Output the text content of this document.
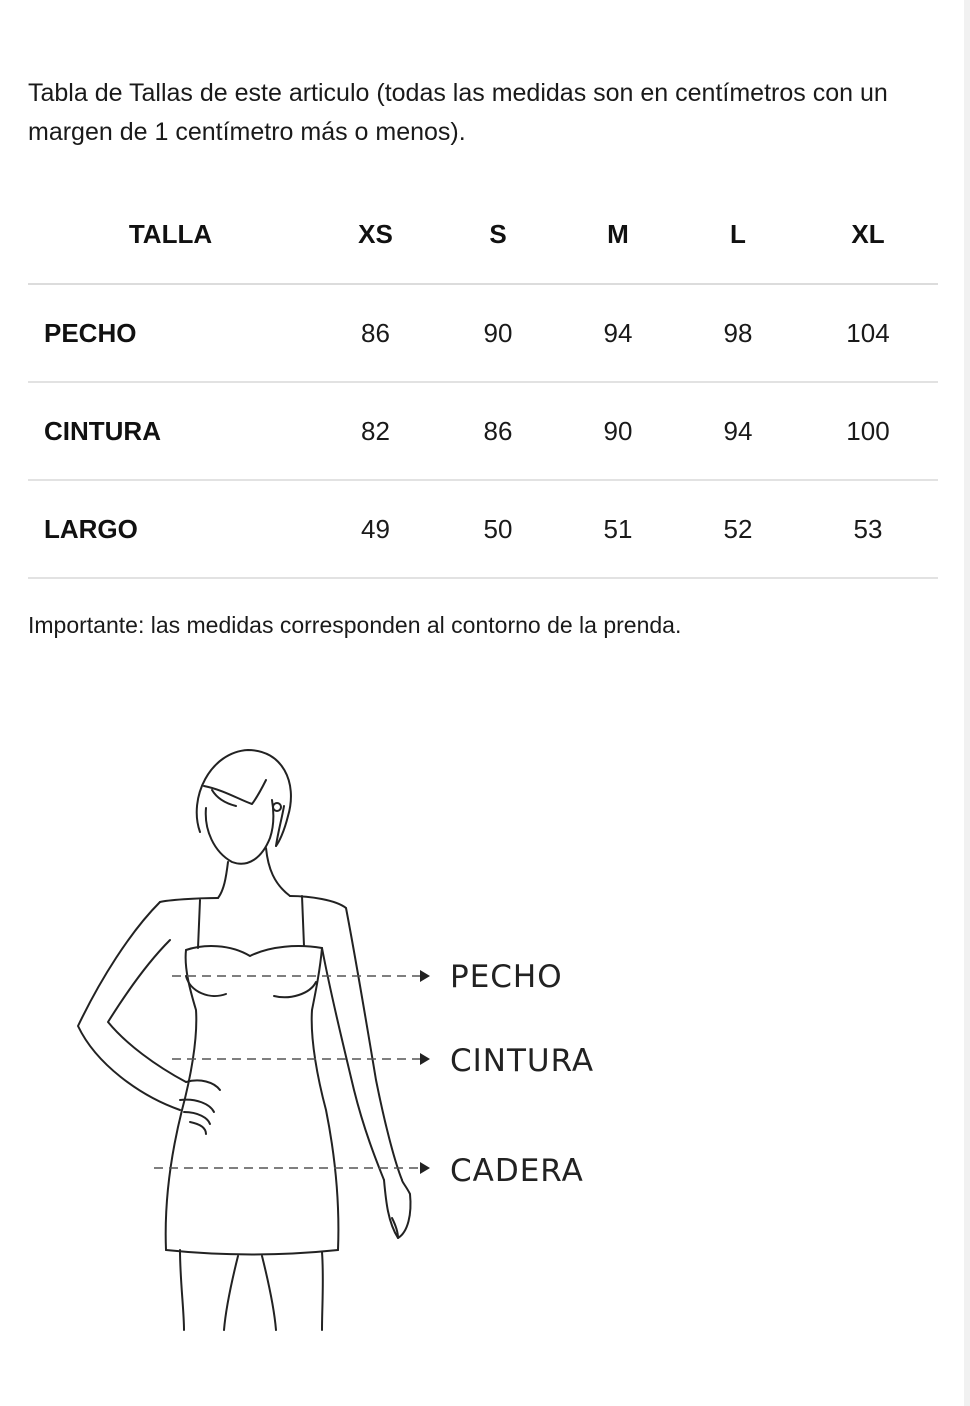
Tabla de Tallas de este articulo (todas las medidas son en centímetros con un margen de 1 centímetro más o menos).

TALLA	XS	S	M	L	XL
PECHO	86	90	94	98	104
CINTURA	82	86	90	94	100
LARGO	49	50	51	52	53

Importante: las medidas corresponden al contorno de la prenda.

PECHO
CINTURA
CADERA
